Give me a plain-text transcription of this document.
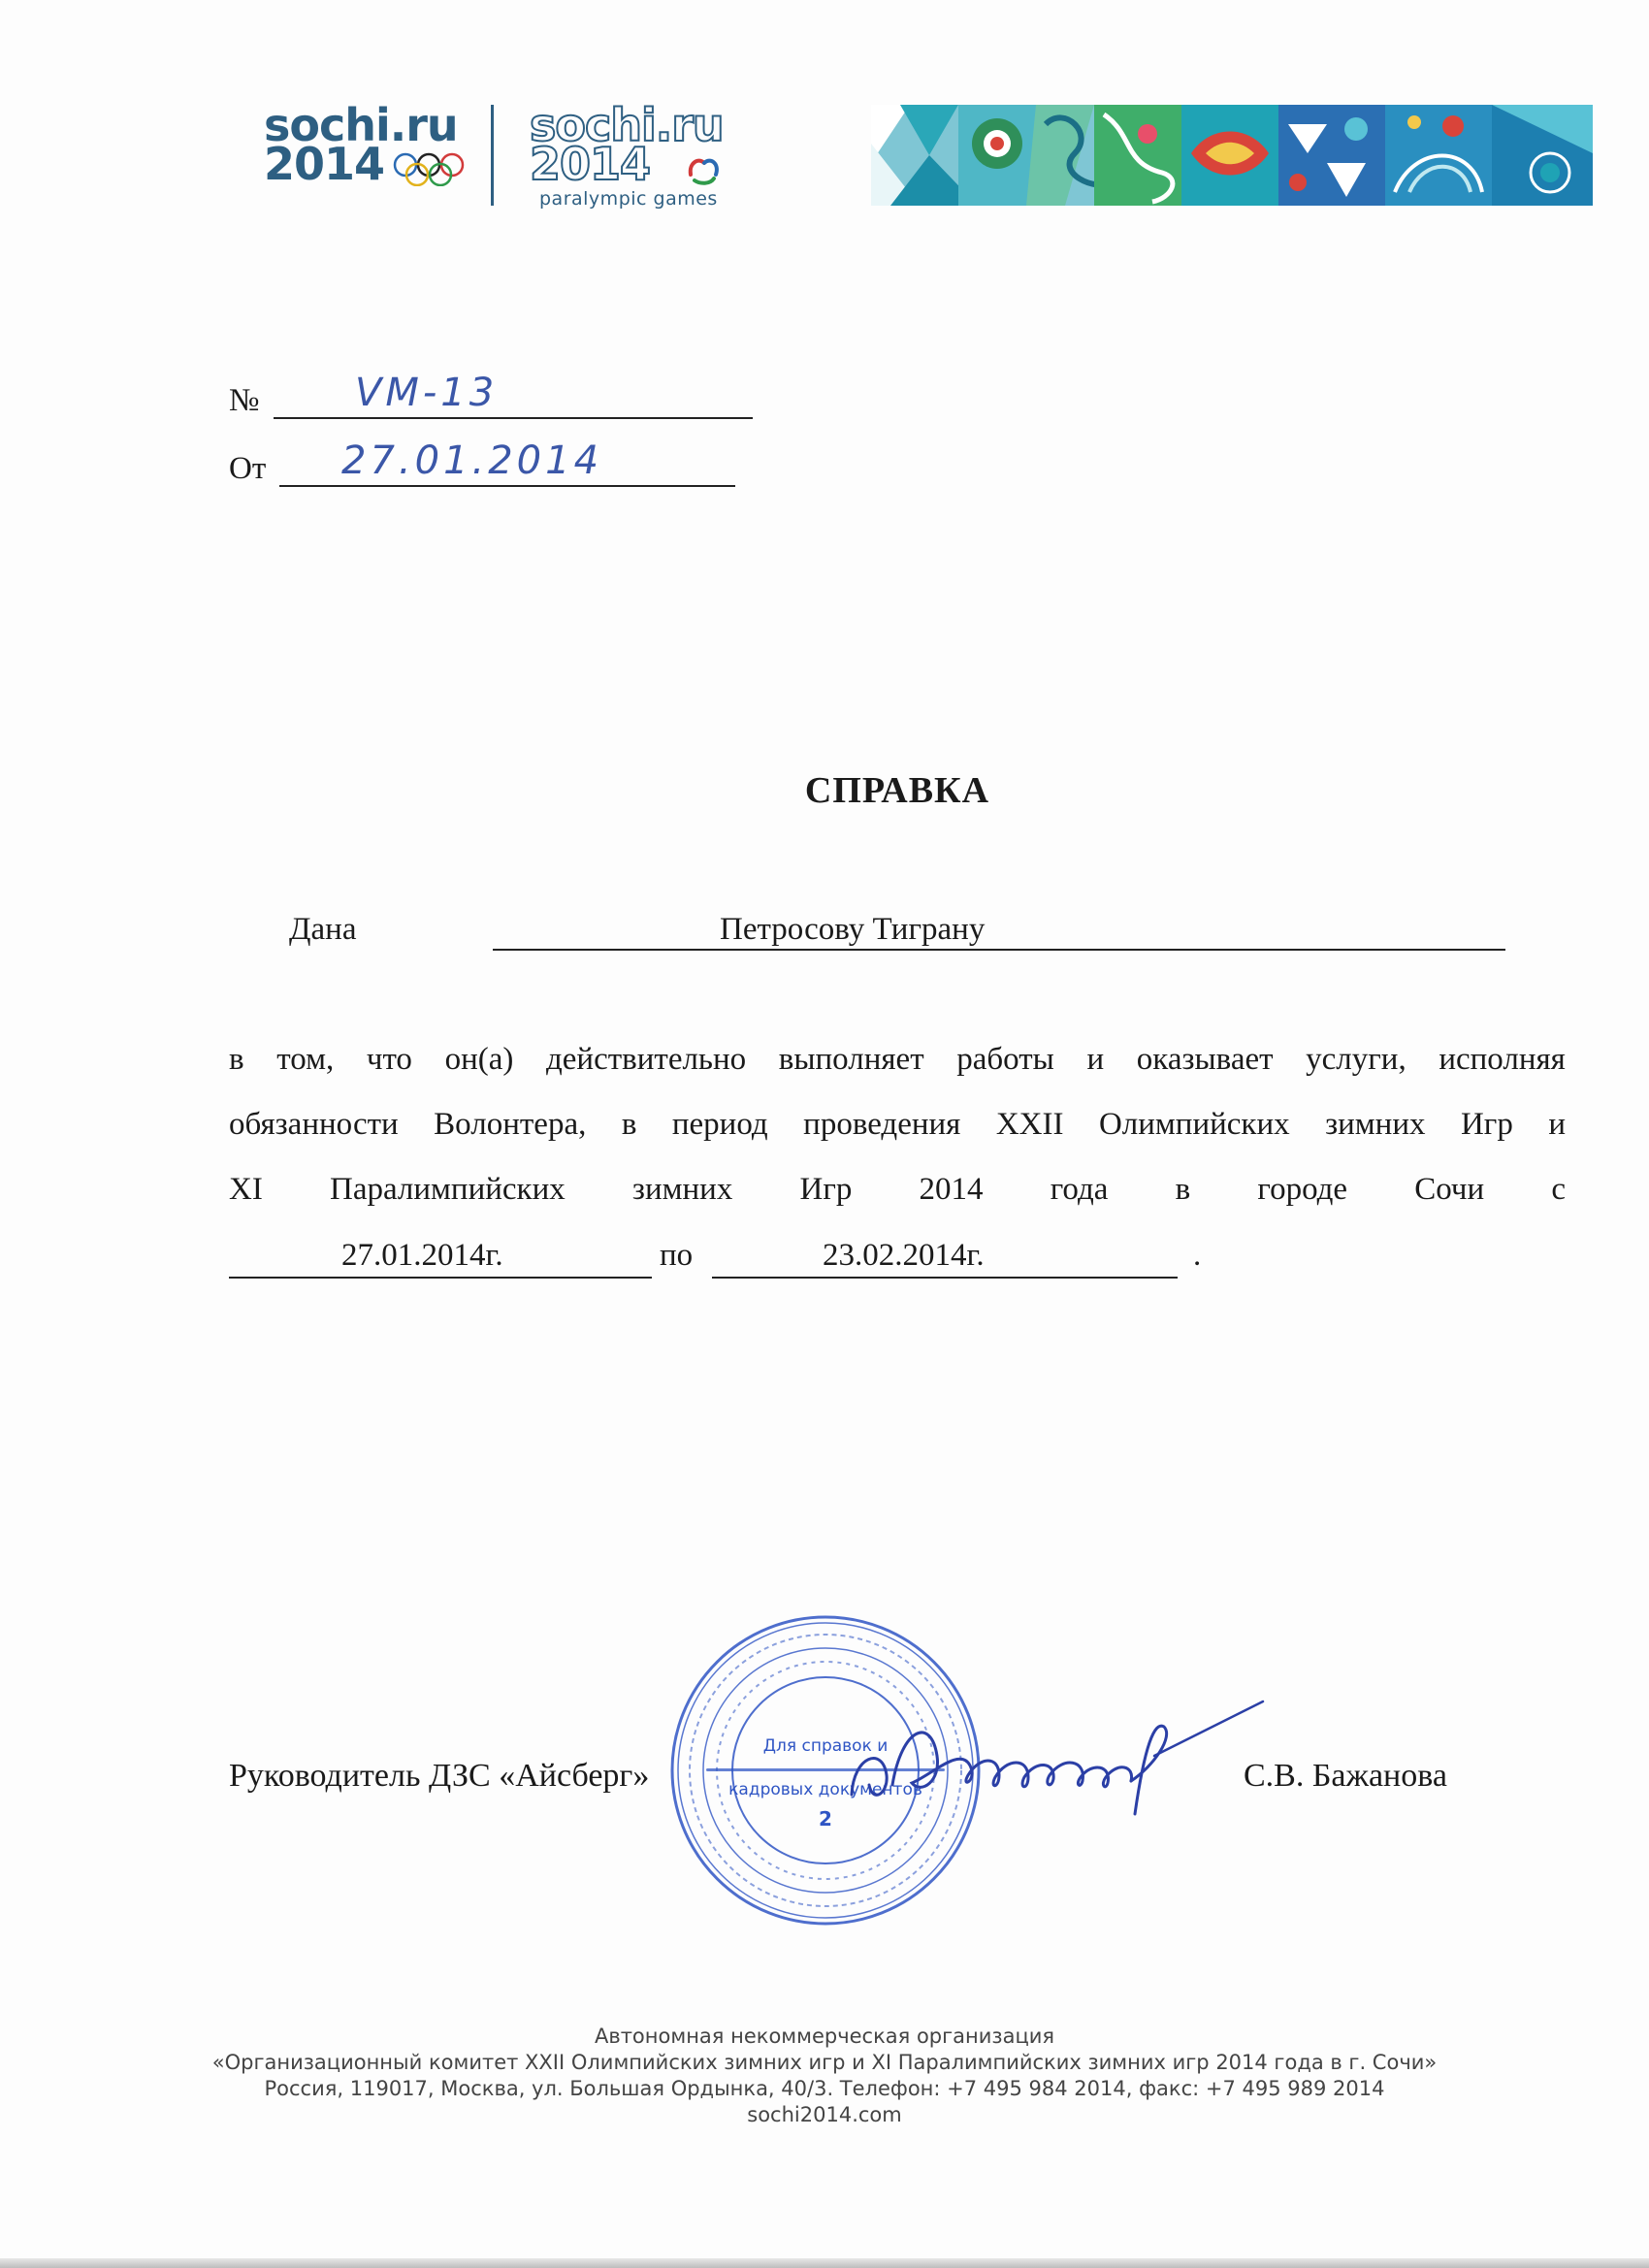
sochi.ru
2014
sochi.ru
2014
paralympic games
№ VM-13
От 27.01.2014
СПРАВКА
Дана	Петросову Тиграну
в том, что он(а) действительно выполняет работы и оказывает услуги, исполняя
обязанности Волонтера, в период проведения XXII Олимпийских зимних Игр и
XI Паралимпийских зимних Игр 2014 года в городе Сочи с
27.01.2014г.	по	23.02.2014г.	.
Руководитель ДЗС «Айсберг»	С.В. Бажанова
Для справок и
кадровых документов
2
Автономная некоммерческая организация
«Организационный комитет XXII Олимпийских зимних игр и XI Паралимпийских зимних игр 2014 года в г. Сочи»
Россия, 119017, Москва, ул. Большая Ордынка, 40/3. Телефон: +7 495 984 2014, факс: +7 495 989 2014
sochi2014.com
